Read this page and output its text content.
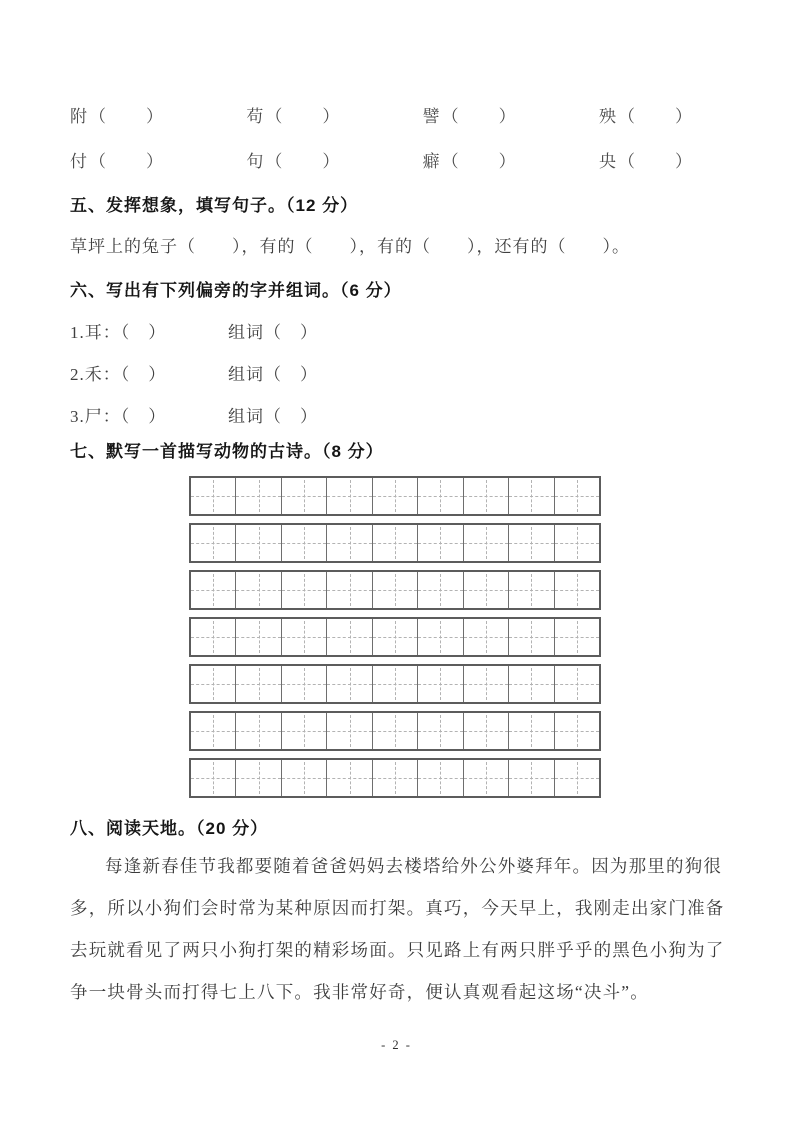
附（　　）	苟（　　）	譬（　　）	殃（　　）
付（　　）	句（　　）	癖（　　）	央（　　）
五、发挥想象，填写句子。（12 分）
草坪上的兔子（　　），有的（　　），有的（　　），还有的（　　）。
六、写出有下列偏旁的字并组词。（6 分）
1.耳：（　）	组词（　）
2.禾：（　）	组词（　）
3.尸：（　）	组词（　）
七、默写一首描写动物的古诗。（8 分）
八、阅读天地。（20 分）
每逢新春佳节我都要随着爸爸妈妈去楼塔给外公外婆拜年。因为那里的狗很
多，所以小狗们会时常为某种原因而打架。真巧，今天早上，我刚走出家门准备
去玩就看见了两只小狗打架的精彩场面。只见路上有两只胖乎乎的黑色小狗为了
争一块骨头而打得七上八下。我非常好奇，便认真观看起这场“决斗”。
- 2 -
